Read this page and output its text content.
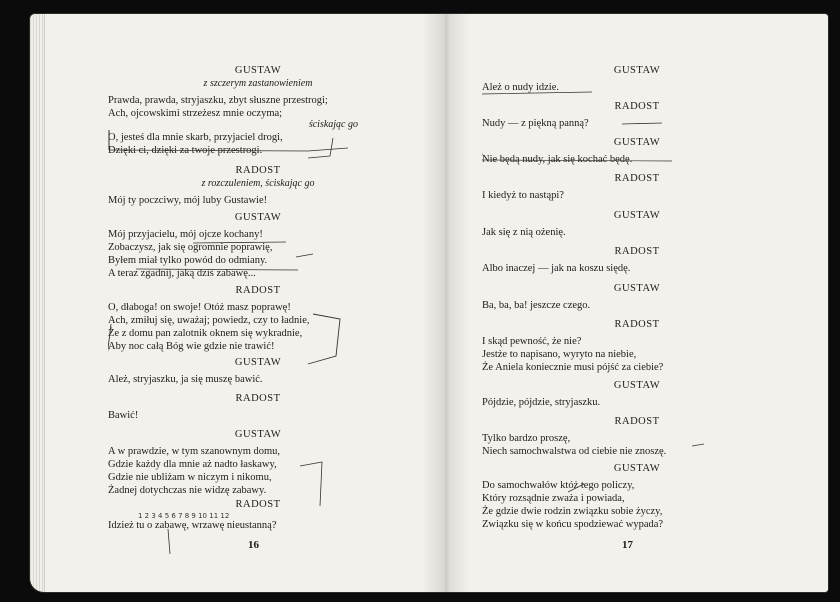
GUSTAW
z szczerym zastanowieniem
Prawda, prawda, stryjaszku, zbyt słuszne przestrogi;
Ach, ojcowskimi strzeżesz mnie oczyma;
ściskając go
O, jesteś dla mnie skarb, przyjaciel drogi,
Dzięki ci, dzięki za twoje przestrogi.
RADOST
z rozczuleniem, ściskając go
Mój ty poczciwy, mój luby Gustawie!
GUSTAW
Mój przyjacielu, mój ojcze kochany!
Zobaczysz, jak się ogromnie poprawię,
Byłem miał tylko powód do odmiany.
A teraz zgadnij, jaką dziś zabawę...
RADOST
O, dłaboga! on swoje! Otóż masz poprawę!
Ach, zmiłuj się, uważaj; powiedz, czy to ładnie,
Że z domu pan zalotnik oknem się wykradnie,
Aby noc całą Bóg wie gdzie nie trawić!
GUSTAW
Ależ, stryjaszku, ja się muszę bawić.
RADOST
Bawić!
GUSTAW
A w prawdzie, w tym szanownym domu,
Gdzie każdy dla mnie aż nadto łaskawy,
Gdzie nie ubliżam w niczym i nikomu,
Żadnej dotychczas nie widzę zabawy.
RADOST
1 2 3 4 5 6 7 8 9 10 11 12
Idzież tu o zabawę, wrzawę nieustanną?
16
GUSTAW
Ależ o nudy idzie.
RADOST
Nudy — z piękną panną?
GUSTAW
Nie będą nudy, jak się kochać będę.
RADOST
I kiedyż to nastąpi?
GUSTAW
Jak się z nią ożenię.
RADOST
Albo inaczej — jak na koszu siędę.
GUSTAW
Ba, ba, ba! jeszcze czego.
RADOST
I skąd pewność, że nie?
Jestże to napisano, wyryto na niebie,
Że Aniela koniecznie musi pójść za ciebie?
GUSTAW
Pójdzie, pójdzie, stryjaszku.
RADOST
Tylko bardzo proszę,
Niech samochwalstwa od ciebie nie znoszę.
GUSTAW
Do samochwałów któż tego policzy,
Który rozsądnie zważa i powiada,
Że gdzie dwie rodzin związku sobie życzy,
Związku się w końcu spodziewać wypada?
17
